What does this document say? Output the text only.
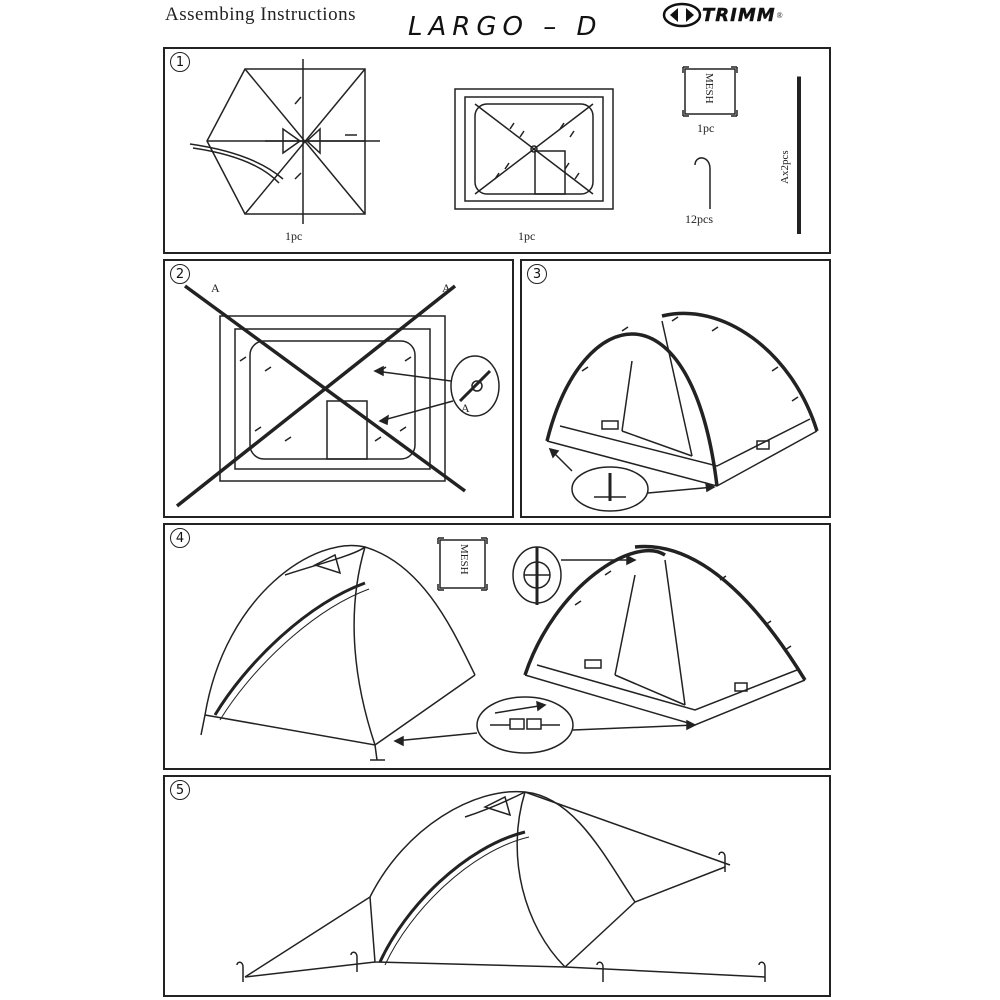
Assembing Instructions LARGO – D	TRIMM ®
1
1pc	1pc
MESH
1pc
12pcs
Ax2pcs
2
A	A
A
3
4
MESH
5
